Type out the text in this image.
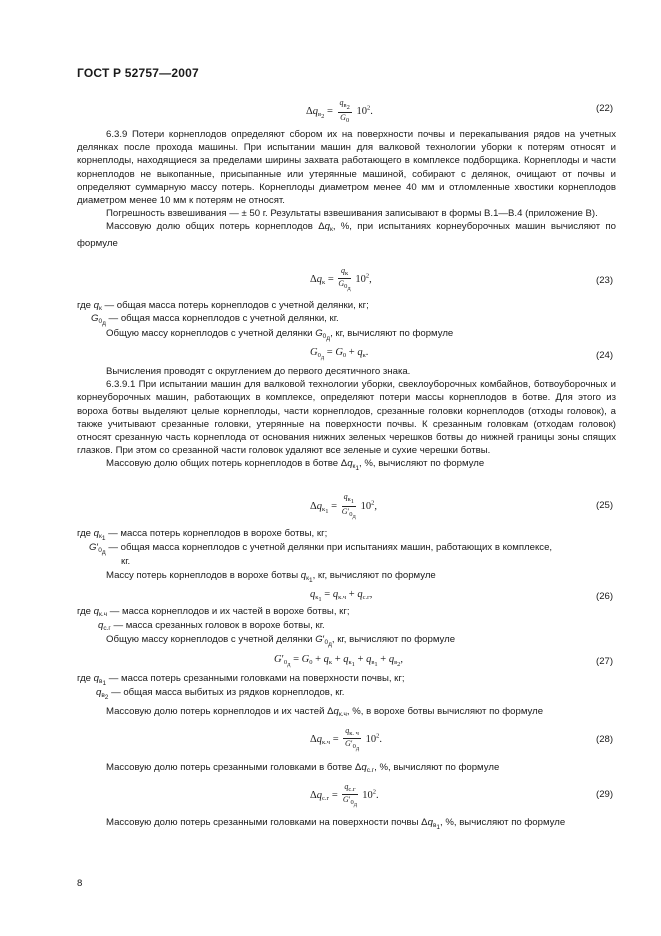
ГОСТ Р 52757—2007
$\Delta q_{в_2} = \frac{q_{в_2}}{G_0} 10^2$.	(22)

6.3.9 Потери корнеплодов определяют сбором их на поверхности почвы и перекапывания рядов на учетных делянках после прохода машины. При испытании машин для валковой технологии уборки к потерям относят и корнеплоды, находящиеся за пределами ширины захвата работающего в комплексе подборщика. Корнеплоды и части корнеплодов не выкопанные, присыпанные или утерянные машиной, собирают с делянок, очищают от почвы и определяют суммарную массу потерь. Корнеплоды диаметром менее 40 мм и отломленные хвостики корнеплодов диаметром менее 10 мм к потерям не относят.

Погрешность взвешивания — ± 50 г. Результаты взвешивания записывают в формы В.1—В.4 (приложение В).

Массовую долю общих потерь корнеплодов $\Delta q_к$, %, при испытаниях корнеуборочных машин вычисляют по формуле

$\Delta q_к = \frac{q_к}{G_{0_д}} 10^2$,	(23)
где $q_к$ — общая масса потерь корнеплодов с учетной делянки, кг;
$G_{0_д}$ — общая масса корнеплодов с учетной делянки, кг.
Общую массу корнеплодов с учетной делянки $G_{0_д}$, кг, вычисляют по формуле
$G_{0_д} = G_0 + q_к$.	(24)

Вычисления проводят с округлением до первого десятичного знака.

6.3.9.1 При испытании машин для валковой технологии уборки, свеклоуборочных комбайнов, ботвоуборочных и корнеуборочных машин, работающих в комплексе, определяют потери массы корнеплодов в ботве. Для этого из вороха ботвы выделяют целые корнеплоды, части корнеплодов, срезанные головки корнеплодов (отходы головок), а также учитывают срезанные головки, утерянные на поверхности почвы. К срезанным головкам (отходам головок) относят срезанную часть корнеплода от основания нижних зеленых черешков ботвы до нижней границы зоны спящих глазков. При этом со срезанной части головок удаляют все зеленые и сухие черешки ботвы.

Массовую долю общих потерь корнеплодов в ботве $\Delta q_{к_1}$, %, вычисляют по формуле

$\Delta q_{к_1} = \frac{q_{к_1}}{G'_{0_д}} 10^2$,	(25)
где $q_{к_1}$ — масса потерь корнеплодов в ворохе ботвы, кг;
$G'_{0_д}$ — общая масса корнеплодов с учетной делянки при испытаниях машин, работающих в комплексе,
кг.
Массу потерь корнеплодов в ворохе ботвы $q_{к_1}$, кг, вычисляют по формуле
$q_{к_1} = q_{к.ч} + q_{с.г}$,	(26)
где $q_{к.ч}$ — масса корнеплодов и их частей в ворохе ботвы, кг;
$q_{с.г}$ — масса срезанных головок в ворохе ботвы, кг.
Общую массу корнеплодов с учетной делянки $G'_{0_д}$, кг, вычисляют по формуле
$G'_{0_д} = G_0 + q_к + q_{к_1} + q_{в_1} + q_{в_2}$,	(27)
где $q_{в_1}$ — масса потерь срезанными головками на поверхности почвы, кг;
$q_{в_2}$ — общая масса выбитых из рядков корнеплодов, кг.
Массовую долю потерь корнеплодов и их частей $\Delta q_{к.ч}$, %, в ворохе ботвы вычисляют по формуле
$\Delta q_{к.ч} = \frac{q_{к. ч}}{G'_{0_д}} 10^2$.	(28)
Массовую долю потерь срезанными головками в ботве $\Delta q_{с.г}$, %, вычисляют по формуле
$\Delta q_{с.г} = \frac{q_{с.г}}{G'_{0_д}} 10^2$.	(29)

Массовую долю потерь срезанными головками на поверхности почвы $\Delta q_{в_1}$, %, вычисляют по формуле

8
